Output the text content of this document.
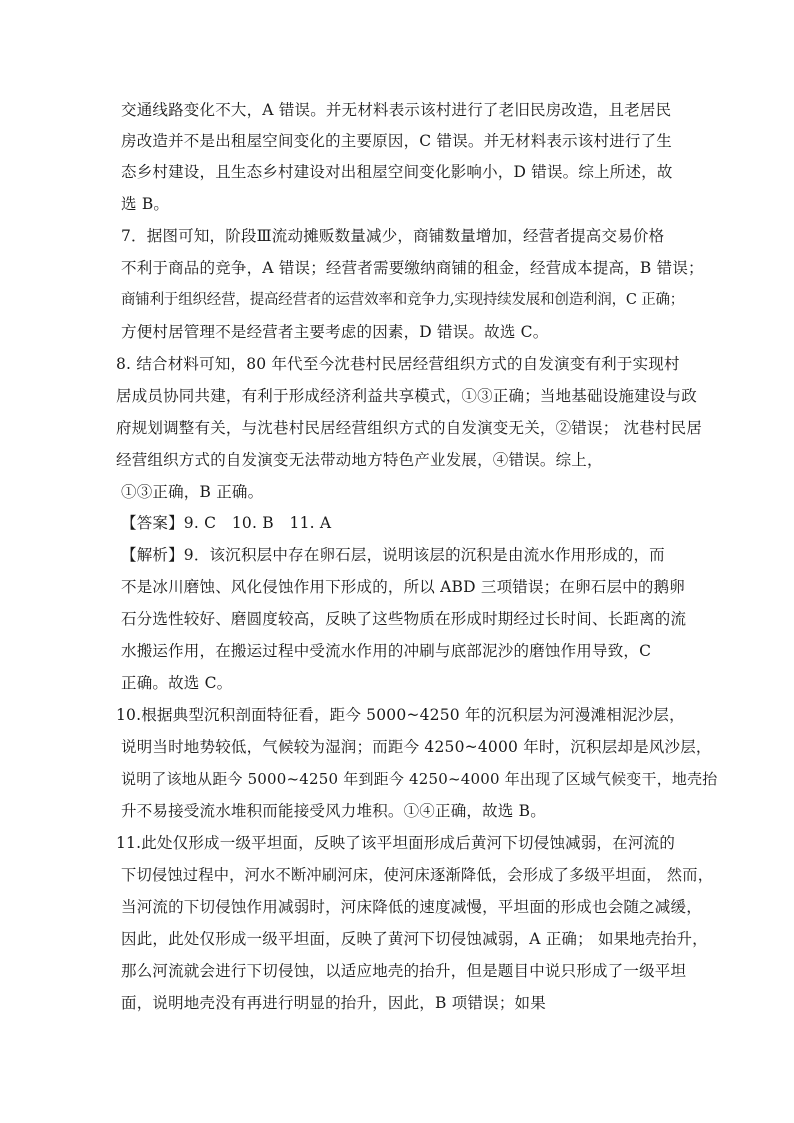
交通线路变化不大，A 错误。并无材料表示该村进行了老旧民房改造，且老居民
房改造并不是出租屋空间变化的主要原因，C 错误。并无材料表示该村进行了生
态乡村建设，且生态乡村建设对出租屋空间变化影响小，D 错误。综上所述，故
选 B。
7．据图可知，阶段Ⅲ流动摊贩数量减少，商铺数量增加，经营者提高交易价格
不利于商品的竞争，A 错误；经营者需要缴纳商铺的租金，经营成本提高，B 错误；
商铺利于组织经营，提高经营者的运营效率和竞争力,实现持续发展和创造利润，C 正确；
方便村居管理不是经营者主要考虑的因素，D 错误。故选 C。
8. 结合材料可知，80 年代至今沈巷村民居经营组织方式的自发演变有利于实现村
居成员协同共建，有利于形成经济利益共享模式，①③正确；当地基础设施建设与政
府规划调整有关，与沈巷村民居经营组织方式的自发演变无关，②错误； 沈巷村民居
经营组织方式的自发演变无法带动地方特色产业发展，④错误。综上，
①③正确，B 正确。
【答案】9. C　10. B　11. A
【解析】9．该沉积层中存在卵石层，说明该层的沉积是由流水作用形成的，而
不是冰川磨蚀、风化侵蚀作用下形成的，所以 ABD 三项错误；在卵石层中的鹅卵
石分选性较好、磨圆度较高，反映了这些物质在形成时期经过长时间、长距离的流
水搬运作用，在搬运过程中受流水作用的冲刷与底部泥沙的磨蚀作用导致，C
正确。故选 C。
10.根据典型沉积剖面特征看，距今 5000~4250 年的沉积层为河漫滩相泥沙层，
说明当时地势较低，气候较为湿润；而距今 4250~4000 年时，沉积层却是风沙层，
说明了该地从距今 5000~4250 年到距今 4250~4000 年出现了区域气候变干，地壳抬
升不易接受流水堆积而能接受风力堆积。①④正确，故选 B。
11.此处仅形成一级平坦面，反映了该平坦面形成后黄河下切侵蚀减弱，在河流的
下切侵蚀过程中，河水不断冲刷河床，使河床逐渐降低，会形成了多级平坦面， 然而，
当河流的下切侵蚀作用减弱时，河床降低的速度减慢，平坦面的形成也会随之减缓，
因此，此处仅形成一级平坦面，反映了黄河下切侵蚀减弱，A 正确； 如果地壳抬升，
那么河流就会进行下切侵蚀，以适应地壳的抬升，但是题目中说只形成了一级平坦
面，说明地壳没有再进行明显的抬升，因此，B 项错误；如果
